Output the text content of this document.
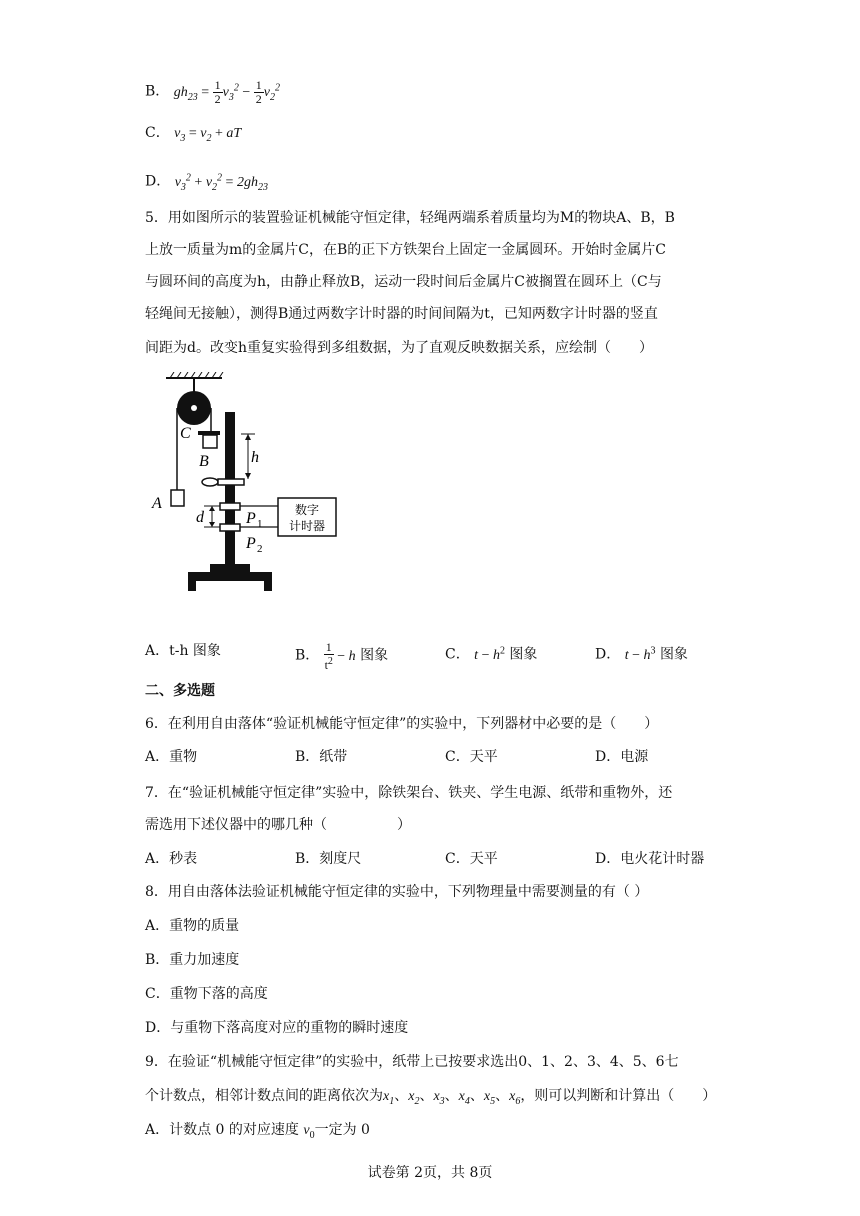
B． $gh_{23} = \frac{1}{2} v_3^2 - \frac{1}{2} v_2^2$
C． $v_3 = v_2$ + aT
D． $v_3^2 + v_2^2 = 2gh_{23}$
5．用如图所示的装置验证机械能守恒定律，轻绳两端系着质量均为M的物块A、B，B
上放一质量为m的金属片C，在B的正下方铁架台上固定一金属圆环。开始时金属片C
与圆环间的高度为h，由静止释放B，运动一段时间后金属片C被搁置在圆环上（C与
轻绳间无接触），测得B通过两数字计时器的时间间隔为t，已知两数字计时器的竖直
间距为d。改变h重复实验得到多组数据，为了直观反映数据关系，应绘制（　　）
C
B
A
h
d	P 1
P 2
数字
计时器
A．t-h 图象	B． $\frac{1}{t^2} - h$ 图象	C． $t - h^2$ 图象	D． $t - h^3$ 图象
二、多选题
6．在利用自由落体“验证机械能守恒定律”的实验中，下列器材中必要的是（　　）
A．重物	B．纸带	C．天平	D．电源
7．在“验证机械能守恒定律”实验中，除铁架台、铁夹、学生电源、纸带和重物外，还
需选用下述仪器中的哪几种（　　　　　）
A．秒表	B．刻度尺	C．天平	D．电火花计时器
8．用自由落体法验证机械能守恒定律的实验中，下列物理量中需要测量的有（ ）
A．重物的质量
B．重力加速度
C．重物下落的高度
D．与重物下落高度对应的重物的瞬时速度
9．在验证“机械能守恒定律”的实验中，纸带上已按要求选出0、1、2、3、4、5、6七
个计数点，相邻计数点间的距离依次为$x_1$、$x_2$、$x_3$、$x_4$、$x_5$、$x_6$，则可以判断和计算出（　　）
A．计数点 0 的对应速度 $v_0$一定为 0
试卷第 2页，共 8页
